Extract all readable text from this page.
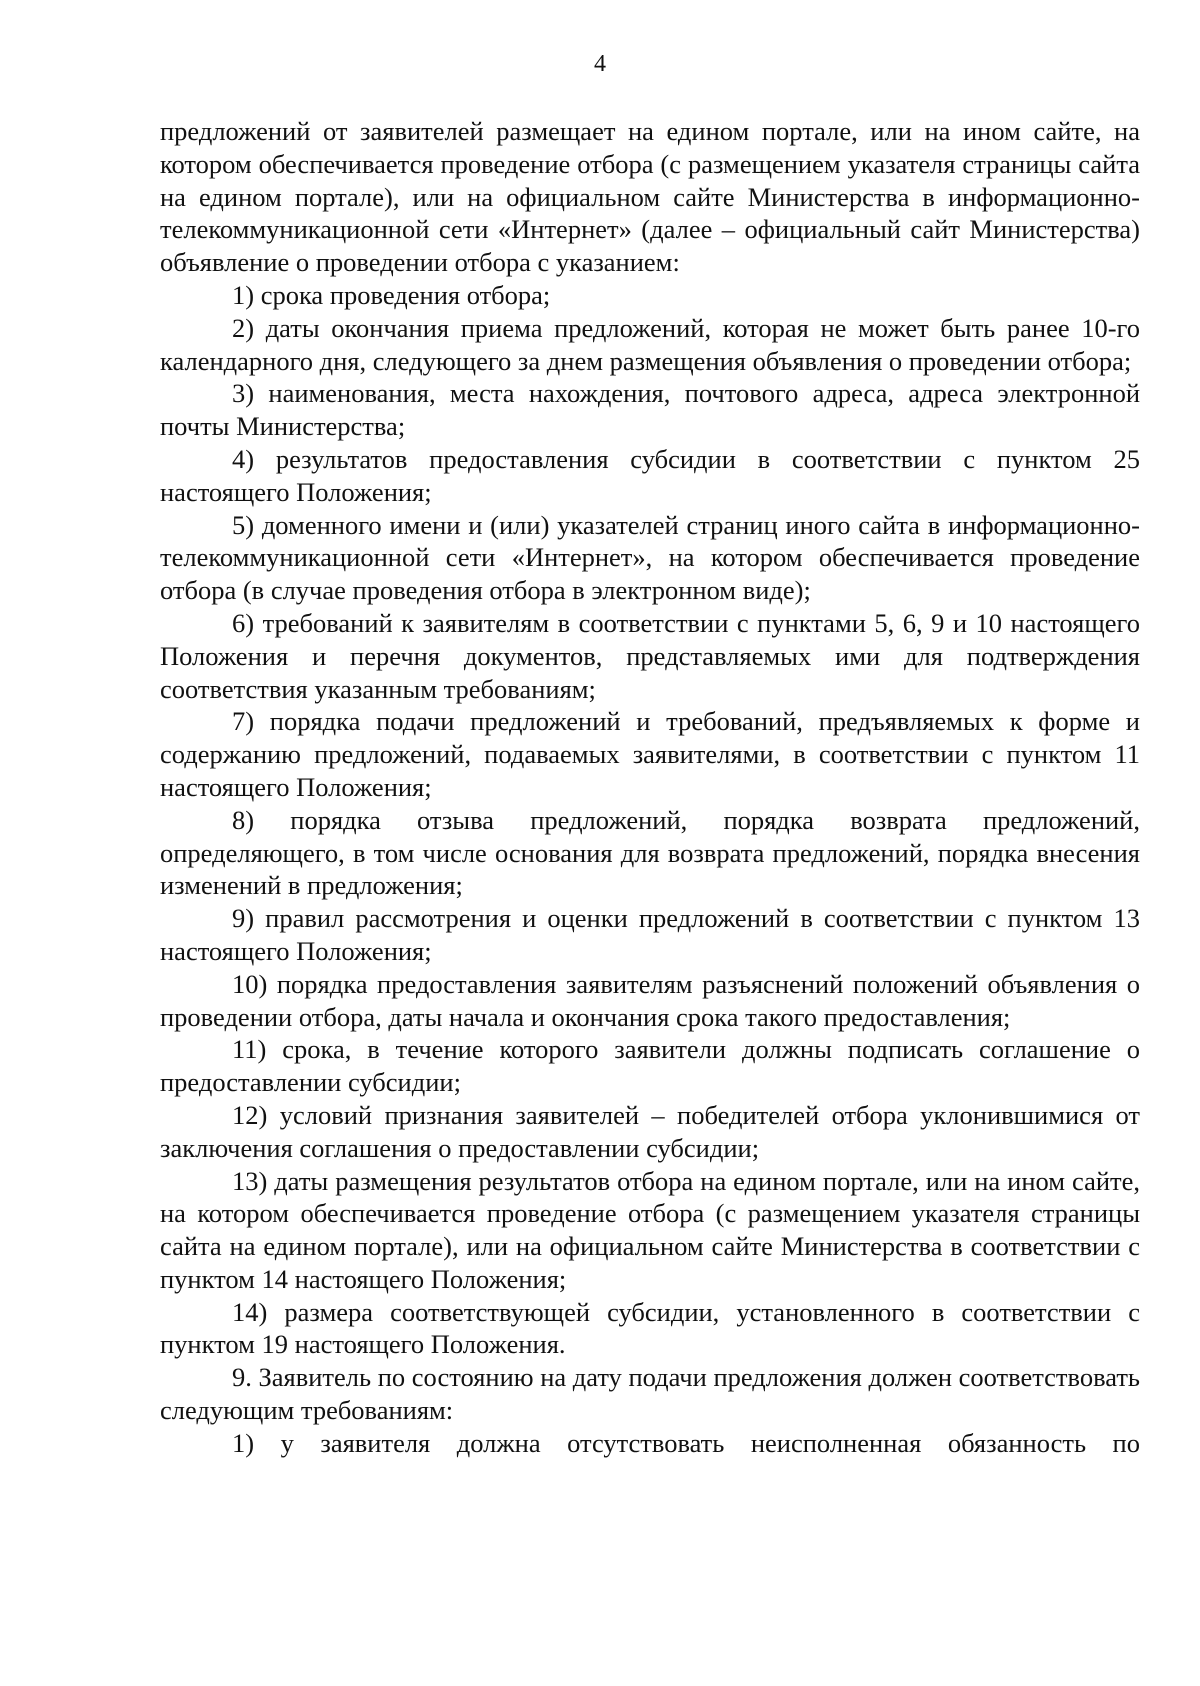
4

предложений от заявителей размещает на едином портале, или на ином сайте, на котором обеспечивается проведение отбора (с размещением указателя страницы сайта на едином портале), или на официальном сайте Министерства в информационно-телекоммуникационной сети «Интернет» (далее – официальный сайт Министерства) объявление о проведении отбора с указанием:

1) срока проведения отбора;

2) даты окончания приема предложений, которая не может быть ранее 10-го календарного дня, следующего за днем размещения объявления о проведении отбора;

3) наименования, места нахождения, почтового адреса, адреса электронной почты Министерства;

4) результатов предоставления субсидии в соответствии с пунктом 25 настоящего Положения;

5) доменного имени и (или) указателей страниц иного сайта в информационно-телекоммуникационной сети «Интернет», на котором обеспечивается проведение отбора (в случае проведения отбора в электронном виде);

6) требований к заявителям в соответствии с пунктами 5, 6, 9 и 10 настоящего Положения и перечня документов, представляемых ими для подтверждения соответствия указанным требованиям;

7) порядка подачи предложений и требований, предъявляемых к форме и содержанию предложений, подаваемых заявителями, в соответствии с пунктом 11 настоящего Положения;

8) порядка отзыва предложений, порядка возврата предложений, определяющего, в том числе основания для возврата предложений, порядка внесения изменений в предложения;

9) правил рассмотрения и оценки предложений в соответствии с пунктом 13 настоящего Положения;

10) порядка предоставления заявителям разъяснений положений объявления о проведении отбора, даты начала и окончания срока такого предоставления;

11) срока, в течение которого заявители должны подписать соглашение о предоставлении субсидии;

12) условий признания заявителей – победителей отбора уклонившимися от заключения соглашения о предоставлении субсидии;

13) даты размещения результатов отбора на едином портале, или на ином сайте, на котором обеспечивается проведение отбора (с размещением указателя страницы сайта на едином портале), или на официальном сайте Министерства в соответствии с пунктом 14 настоящего Положения;

14) размера соответствующей субсидии, установленного в соответствии с пунктом 19 настоящего Положения.

9. Заявитель по состоянию на дату подачи предложения должен соответствовать следующим требованиям:

1) у заявителя должна отсутствовать неисполненная обязанность по
